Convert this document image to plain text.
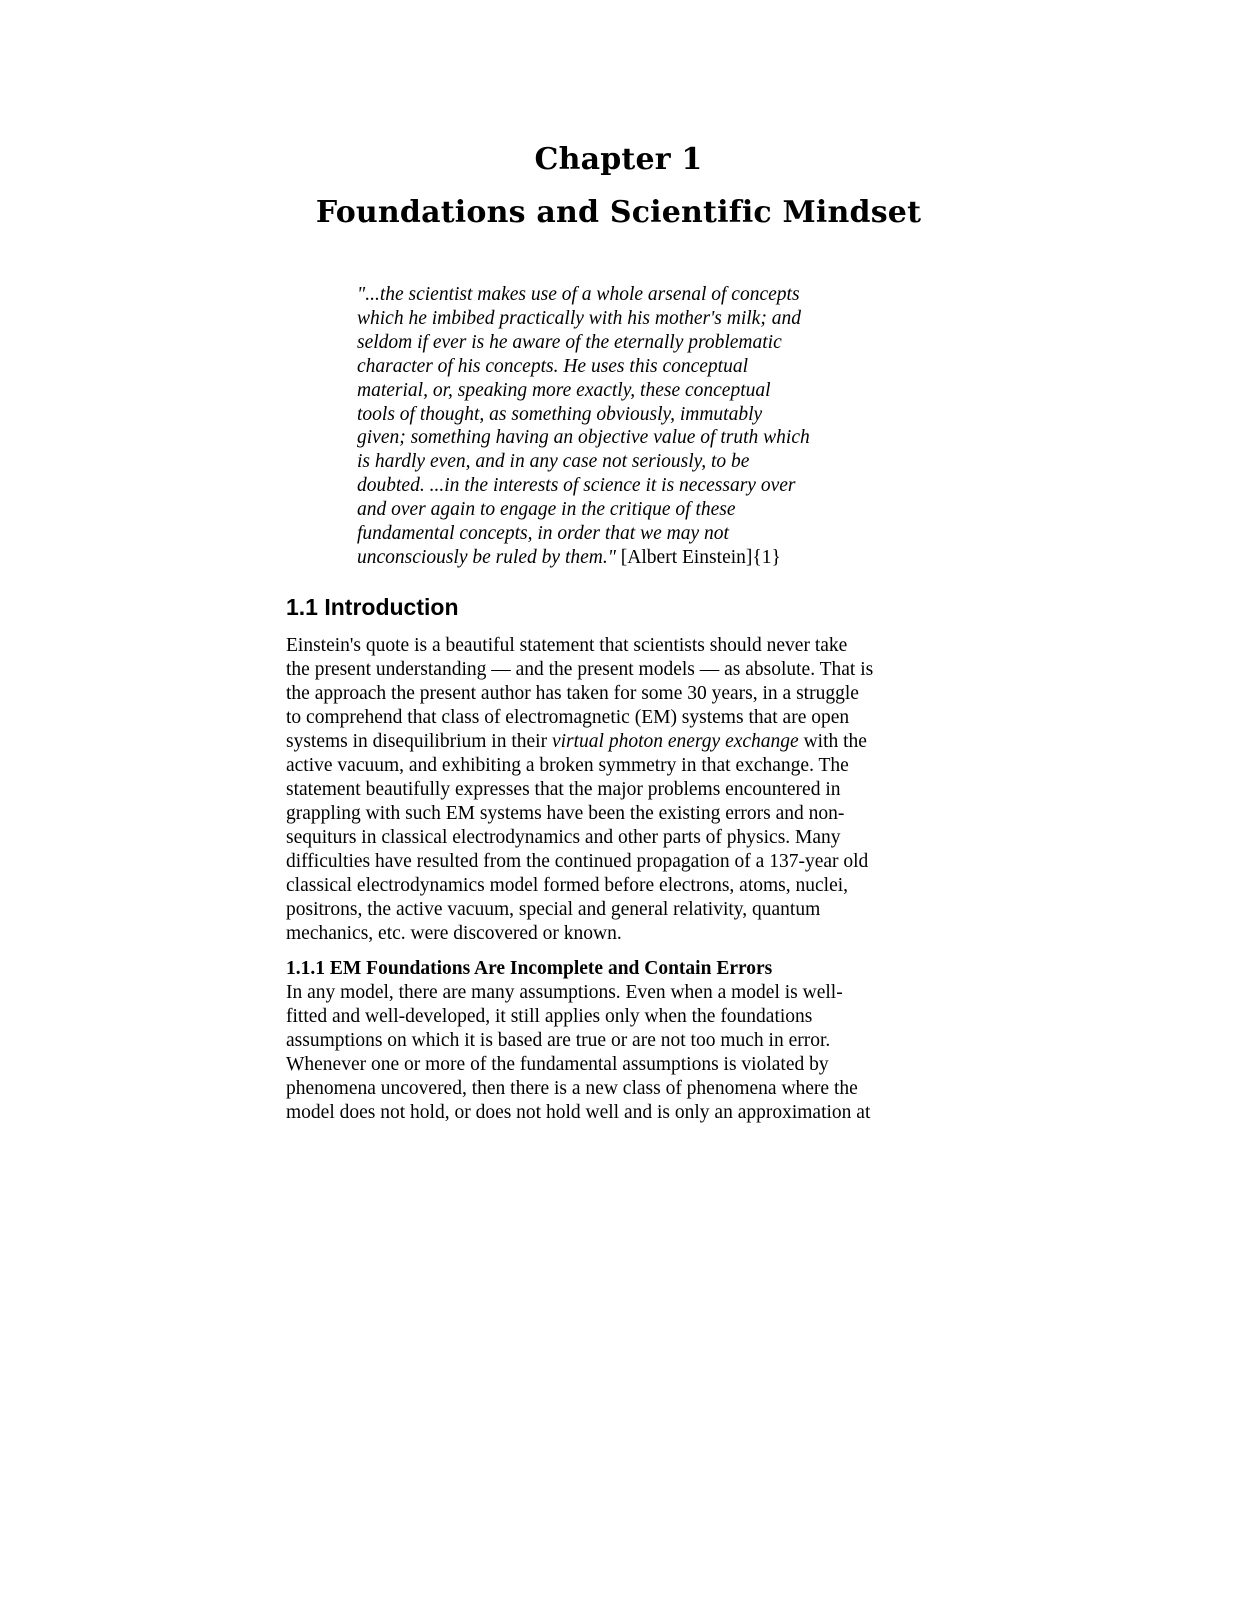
Chapter 1
Foundations and Scientific Mindset
"...the scientist makes use of a whole arsenal of concepts
which he imbibed practically with his mother's milk; and
seldom if ever is he aware of the eternally problematic
character of his concepts. He uses this conceptual
material, or, speaking more exactly, these conceptual
tools of thought, as something obviously, immutably
given; something having an objective value of truth which
is hardly even, and in any case not seriously, to be
doubted. ...in the interests of science it is necessary over
and over again to engage in the critique of these
fundamental concepts, in order that we may not
unconsciously be ruled by them." [Albert Einstein]{1}
1.1 Introduction

Einstein's quote is a beautiful statement that scientists should never take
the present understanding — and the present models — as absolute. That is
the approach the present author has taken for some 30 years, in a struggle
to comprehend that class of electromagnetic (EM) systems that are open
systems in disequilibrium in their virtual photon energy exchange with the
active vacuum, and exhibiting a broken symmetry in that exchange. The
statement beautifully expresses that the major problems encountered in
grappling with such EM systems have been the existing errors and non-
sequiturs in classical electrodynamics and other parts of physics. Many
difficulties have resulted from the continued propagation of a 137-year old
classical electrodynamics model formed before electrons, atoms, nuclei,
positrons, the active vacuum, special and general relativity, quantum
mechanics, etc. were discovered or known.

1.1.1 EM Foundations Are Incomplete and Contain Errors

In any model, there are many assumptions. Even when a model is well-
fitted and well-developed, it still applies only when the foundations
assumptions on which it is based are true or are not too much in error.
Whenever one or more of the fundamental assumptions is violated by
phenomena uncovered, then there is a new class of phenomena where the
model does not hold, or does not hold well and is only an approximation at
